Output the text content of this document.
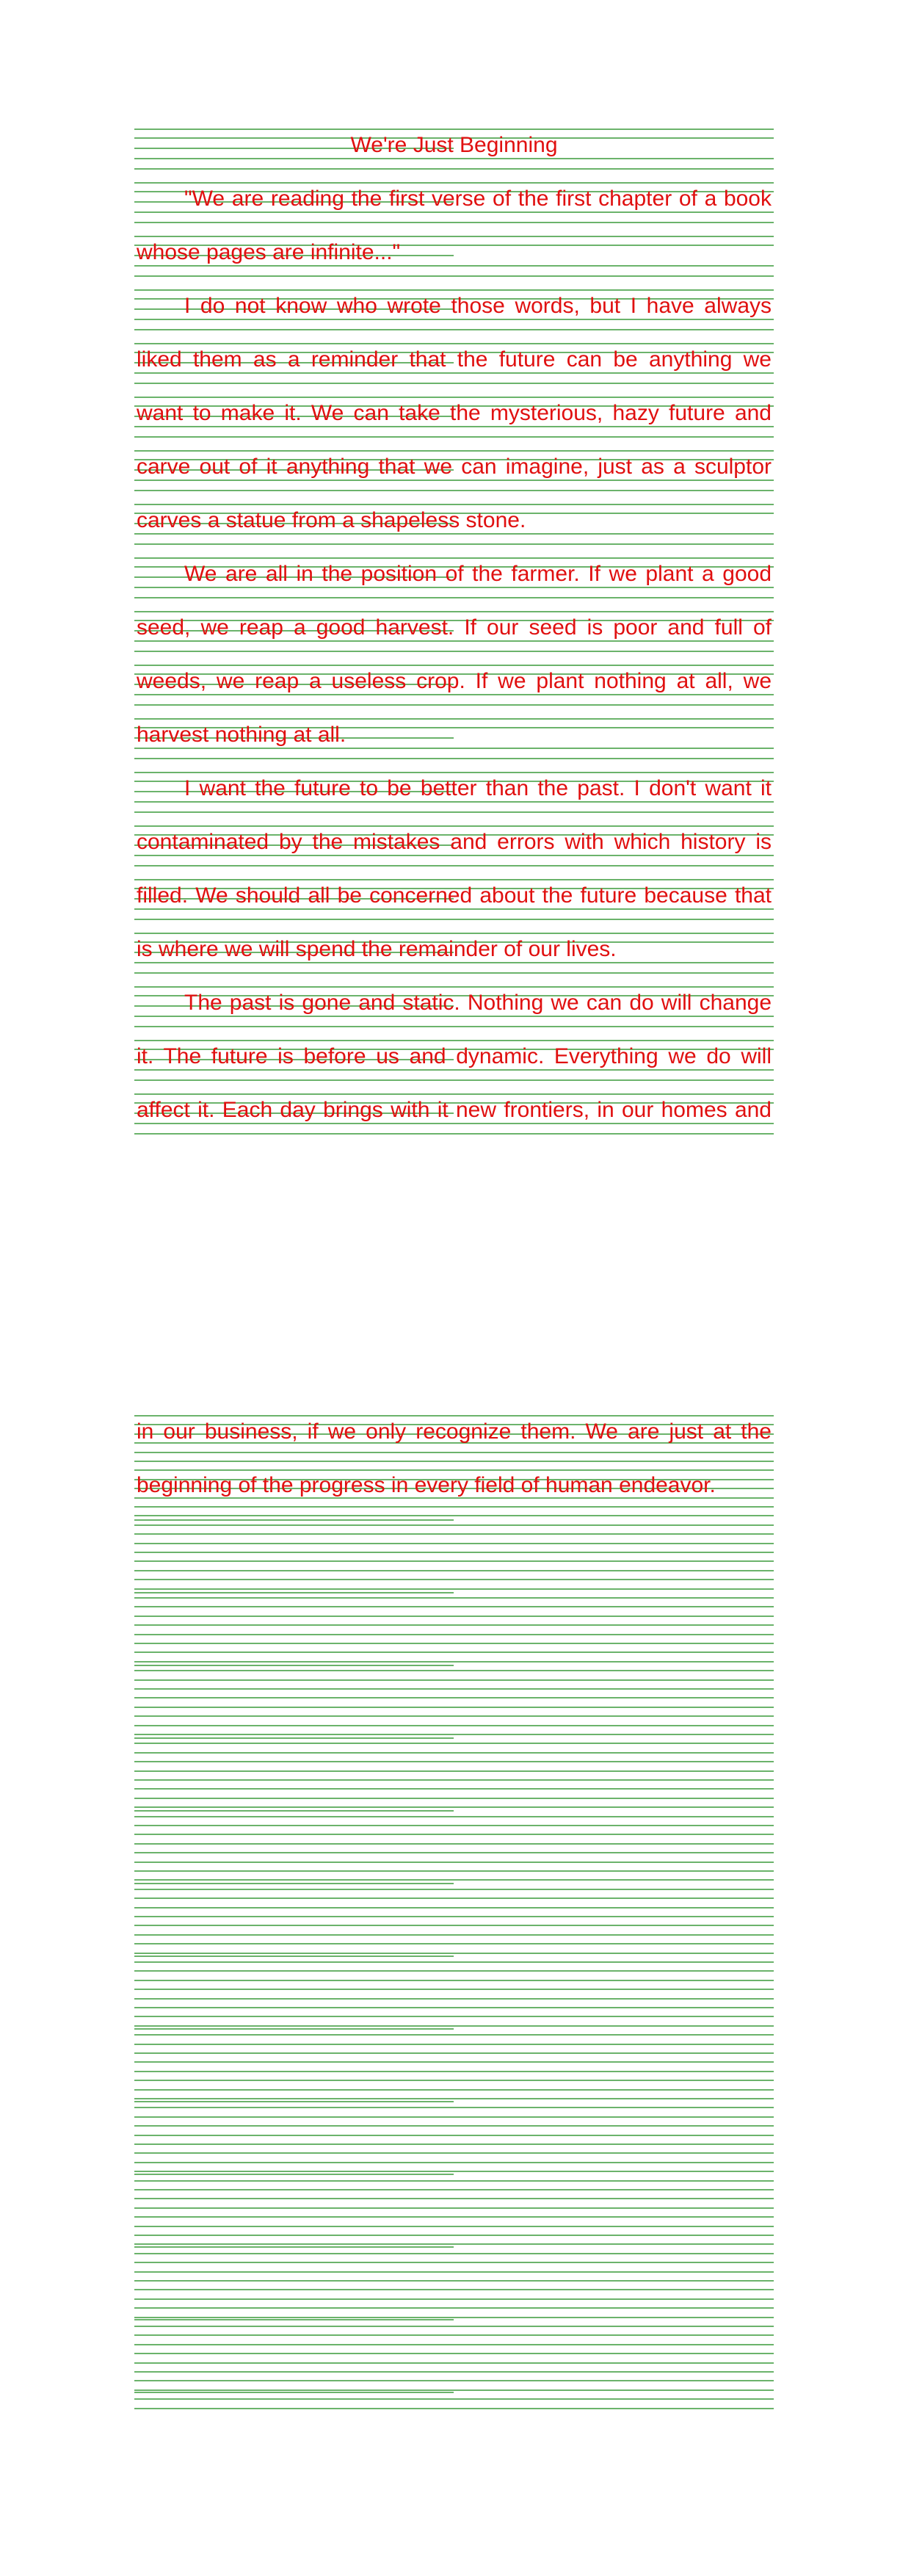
We're Just Beginning
"We are reading the first verse of the first chapter of a book
whose pages are infinite..."
I do not know who wrote those words, but I have always
liked them as a reminder that the future can be anything we
want to make it. We can take the mysterious, hazy future and
carve out of it anything that we can imagine, just as a sculptor
carves a statue from a shapeless stone.
We are all in the position of the farmer. If we plant a good
seed, we reap a good harvest. If our seed is poor and full of
weeds, we reap a useless crop. If we plant nothing at all, we
harvest nothing at all.
I want the future to be better than the past. I don't want it
contaminated by the mistakes and errors with which history is
filled. We should all be concerned about the future because that
is where we will spend the remainder of our lives.
The past is gone and static. Nothing we can do will change
it. The future is before us and dynamic. Everything we do will
affect it. Each day brings with it new frontiers, in our homes and
in our business, if we only recognize them. We are just at the
beginning of the progress in every field of human endeavor.
